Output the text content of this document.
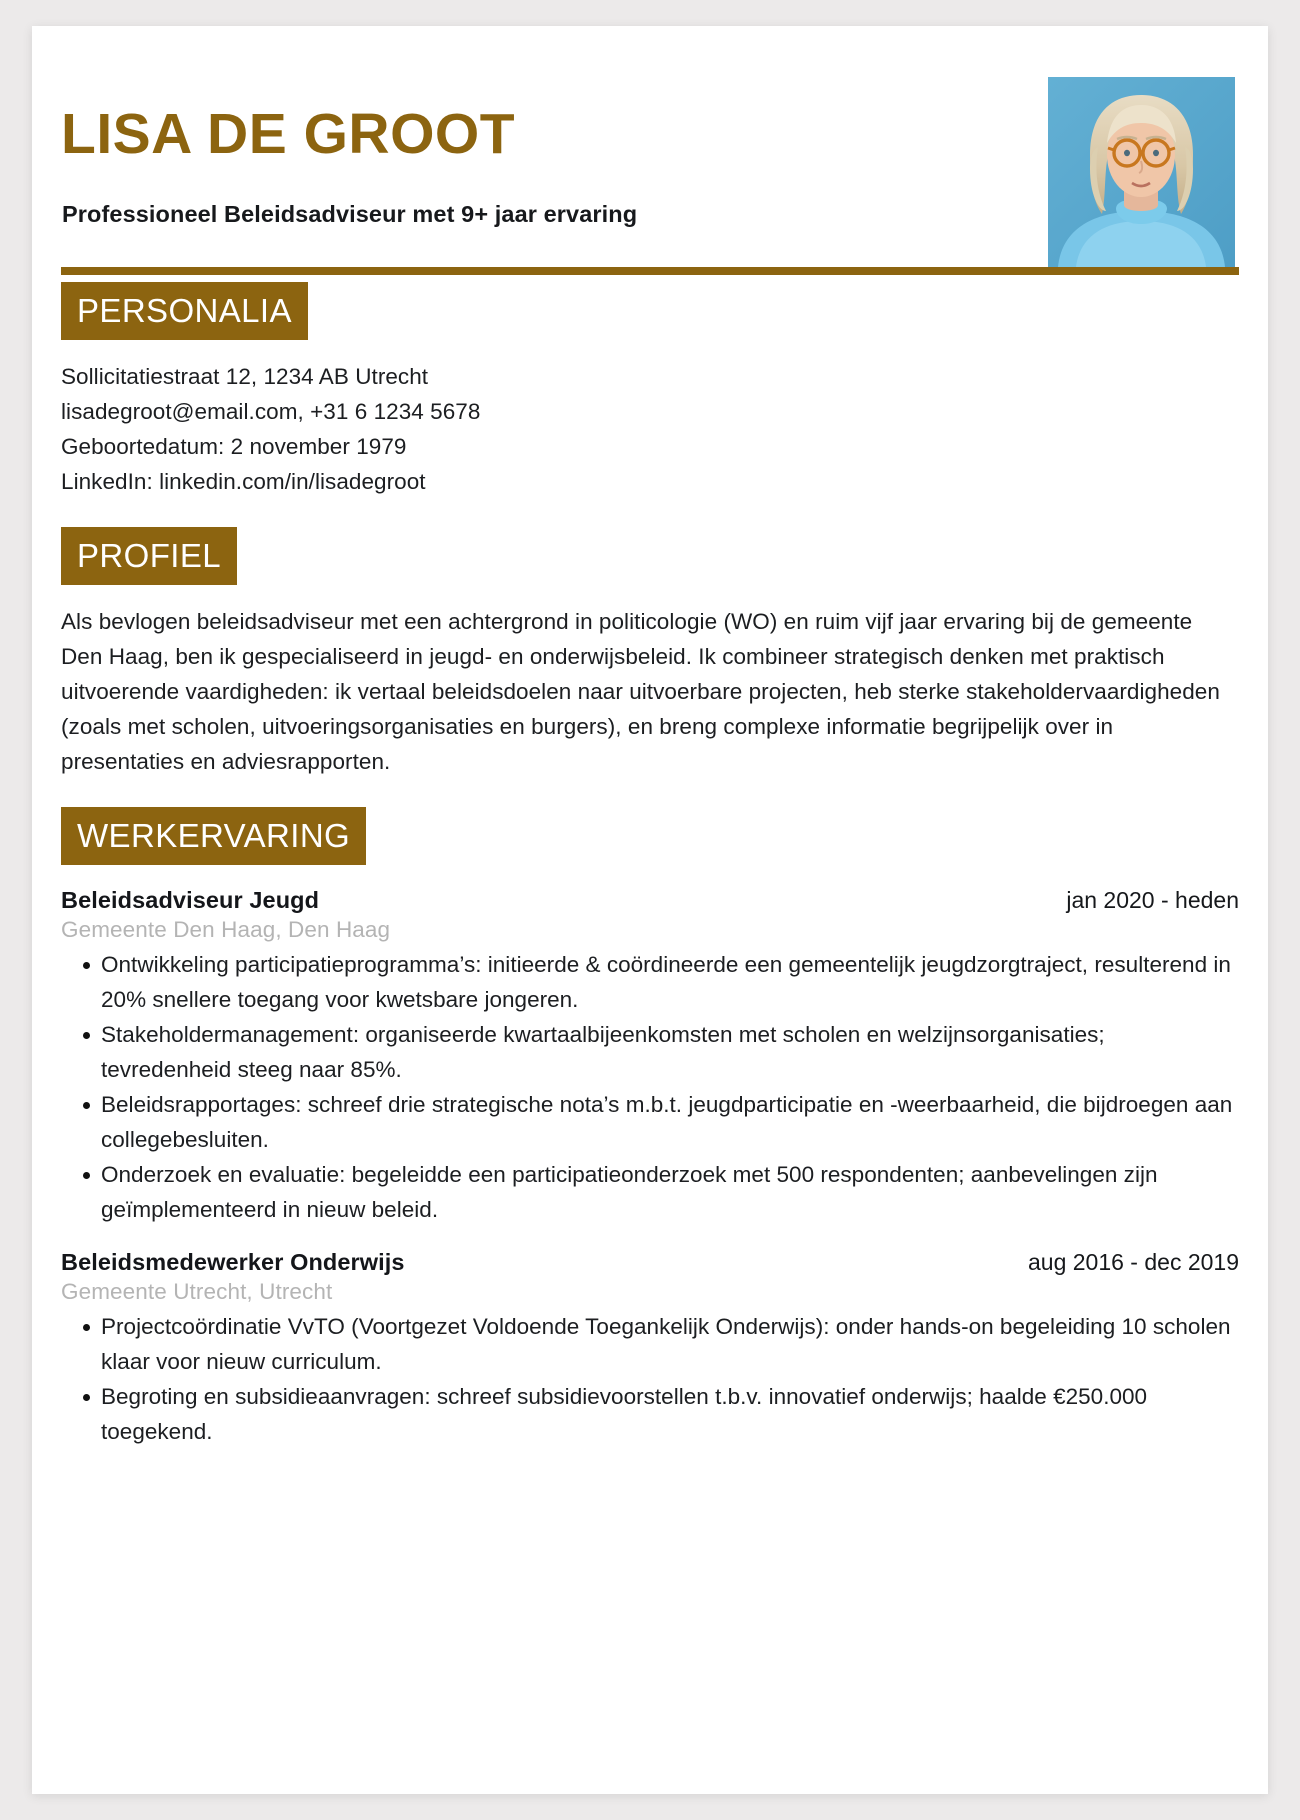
LISA DE GROOT
Professioneel Beleidsadviseur met 9+ jaar ervaring
PERSONALIA
Sollicitatiestraat 12, 1234 AB Utrecht
lisadegroot@email.com, +31 6 1234 5678
Geboortedatum: 2 november 1979
LinkedIn: linkedin.com/in/lisadegroot
PROFIEL

Als bevlogen beleidsadviseur met een achtergrond in politicologie (WO) en ruim vijf jaar ervaring bij de gemeente Den Haag, ben ik gespecialiseerd in jeugd- en onderwijsbeleid. Ik combineer strategisch denken met praktisch uitvoerende vaardigheden: ik vertaal beleidsdoelen naar uitvoerbare projecten, heb sterke stakeholdervaardigheden (zoals met scholen, uitvoeringsorganisaties en burgers), en breng complexe informatie begrijpelijk over in presentaties en adviesrapporten.

WERKERVARING
Beleidsadviseur Jeugd	jan 2020 - heden
Gemeente Den Haag, Den Haag
Ontwikkeling participatieprogramma’s: initieerde & coördineerde een gemeentelijk jeugdzorgtraject, resulterend in 20% snellere toegang voor kwetsbare jongeren.
Stakeholdermanagement: organiseerde kwartaalbijeenkomsten met scholen en welzijnsorganisaties; tevredenheid steeg naar 85%.
Beleidsrapportages: schreef drie strategische nota’s m.b.t. jeugdparticipatie en -weerbaarheid, die bijdroegen aan collegebesluiten.
Onderzoek en evaluatie: begeleidde een participatieonderzoek met 500 respondenten; aanbevelingen zijn geïmplementeerd in nieuw beleid.
Beleidsmedewerker Onderwijs	aug 2016 - dec 2019
Gemeente Utrecht, Utrecht
Projectcoördinatie VvTO (Voortgezet Voldoende Toegankelijk Onderwijs): onder hands-on begeleiding 10 scholen klaar voor nieuw curriculum.
Begroting en subsidieaanvragen: schreef subsidievoorstellen t.b.v. innovatief onderwijs; haalde €250.000 toegekend.
